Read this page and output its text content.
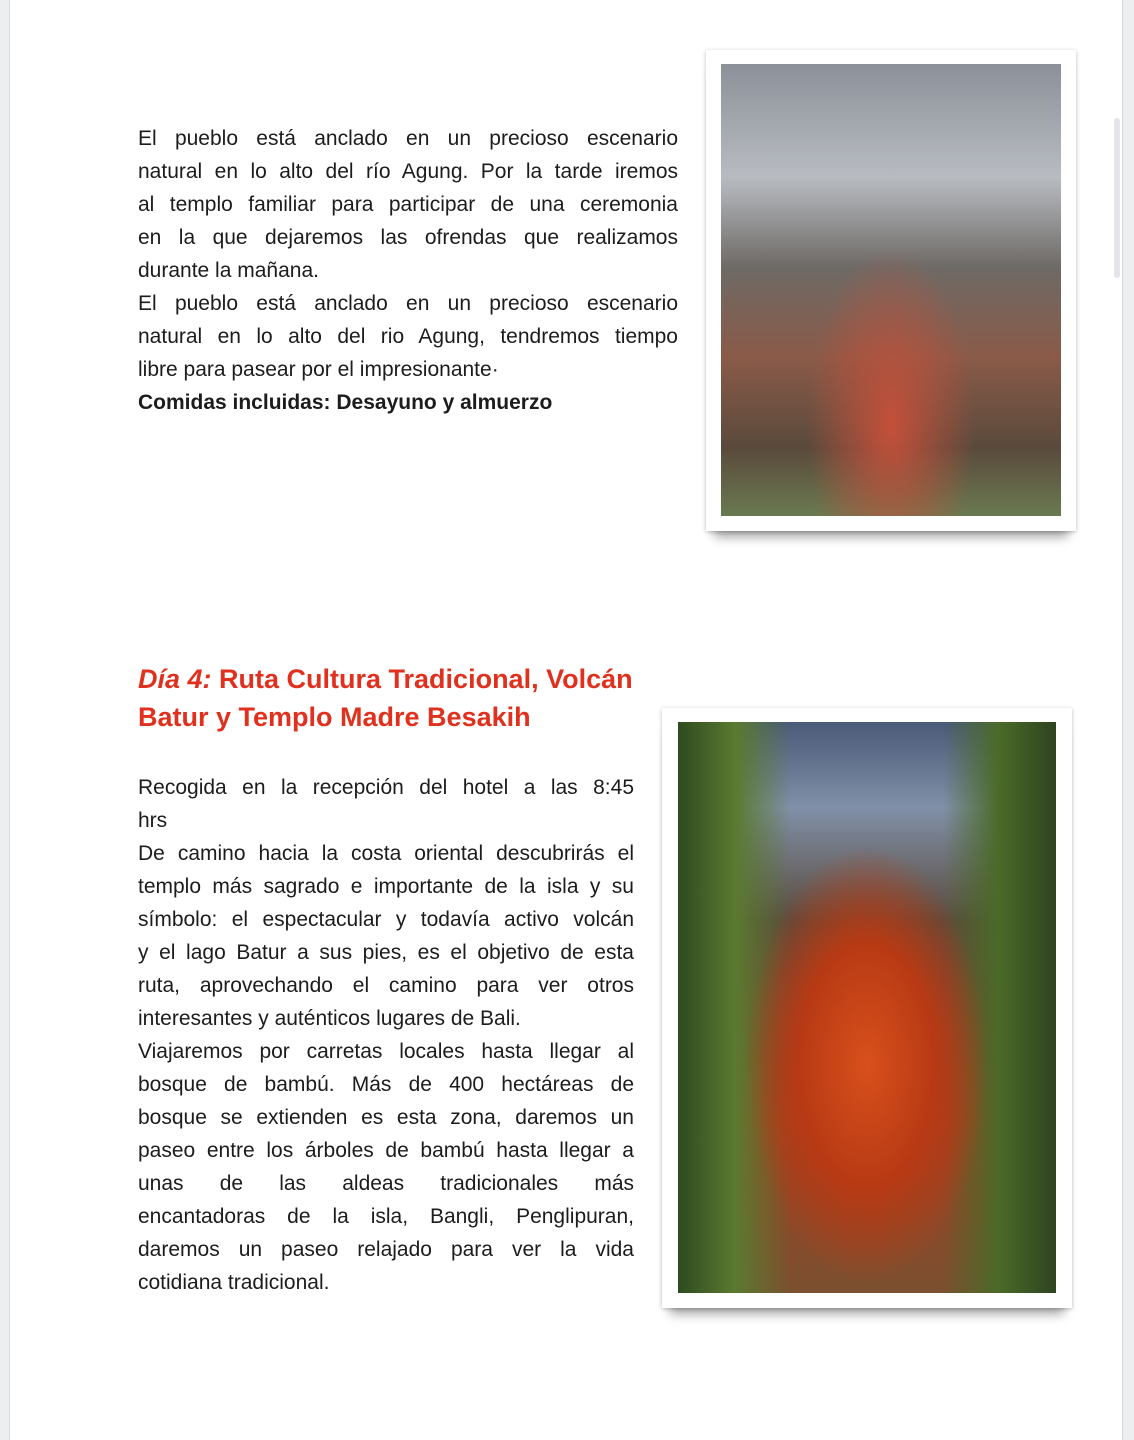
El pueblo está anclado en un precioso escenario
natural en lo alto del río Agung. Por la tarde iremos
al templo familiar para participar de una ceremonia
en la que dejaremos las ofrendas que realizamos
durante la mañana.
El pueblo está anclado en un precioso escenario
natural en lo alto del rio Agung, tendremos tiempo
libre para pasear por el impresionante·
Comidas incluidas: Desayuno y almuerzo
Día 4: Ruta Cultura Tradicional, Volcán
Batur y Templo Madre Besakih
Recogida en la recepción del hotel a las 8:45
hrs
De camino hacia la costa oriental descubrirás el
templo más sagrado e importante de la isla y su
símbolo: el espectacular y todavía activo volcán
y el lago Batur a sus pies, es el objetivo de esta
ruta, aprovechando el camino para ver otros
interesantes y auténticos lugares de Bali.
Viajaremos por carretas locales hasta llegar al
bosque de bambú. Más de 400 hectáreas de
bosque se extienden es esta zona, daremos un
paseo entre los árboles de bambú hasta llegar a
unas de las aldeas tradicionales más
encantadoras de la isla, Bangli, Penglipuran,
daremos un paseo relajado para ver la vida
cotidiana tradicional.
